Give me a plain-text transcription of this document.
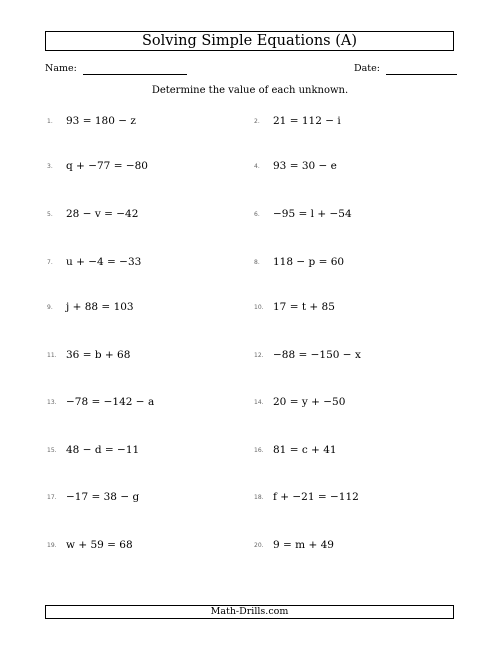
Solving Simple Equations (A)
Name:	Date:
Determine the value of each unknown.
1.	93 = 180 − z
3.	q + −77 = −80
5.	28 − v = −42
7.	u + −4 = −33
9.	j + 88 = 103
11. 36 = b + 68
13. −78 = −142 − a
15. 48 − d = −11
17. −17 = 38 − g
19. w + 59 = 68
2.	21 = 112 − i
4.	93 = 30 − e
6.	−95 = l + −54
8.	118 − p = 60
10. 17 = t + 85
12. −88 = −150 − x
14. 20 = y + −50
16. 81 = c + 41
18. f + −21 = −112
20. 9 = m + 49
Math-Drills.com
